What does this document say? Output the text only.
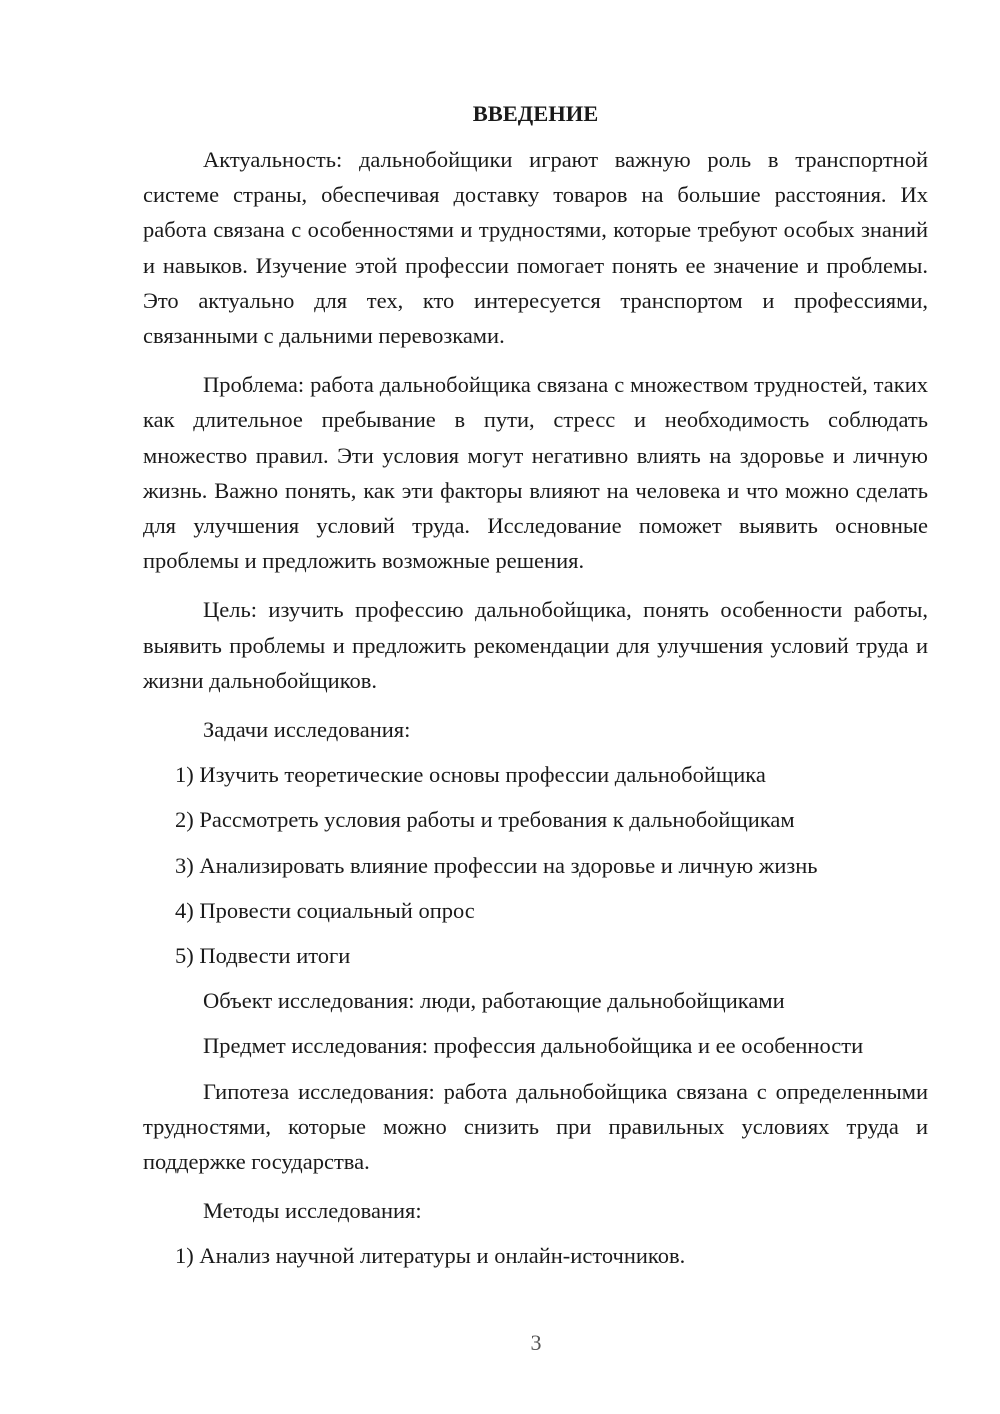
ВВЕДЕНИЕ

Актуальность: дальнобойщики играют важную роль в транспортной системе страны, обеспечивая доставку товаров на большие расстояния. Их работа связана с особенностями и трудностями, которые требуют особых знаний и навыков. Изучение этой профессии помогает понять ее значение и проблемы. Это актуально для тех, кто интересуется транспортом и профессиями, связанными с дальними перевозками.

Проблема: работа дальнобойщика связана с множеством трудностей, таких как длительное пребывание в пути, стресс и необходимость соблюдать множество правил. Эти условия могут негативно влиять на здоровье и личную жизнь. Важно понять, как эти факторы влияют на человека и что можно сделать для улучшения условий труда. Исследование поможет выявить основные проблемы и предложить возможные решения.

Цель: изучить профессию дальнобойщика, понять особенности работы, выявить проблемы и предложить рекомендации для улучшения условий труда и жизни дальнобойщиков.

Задачи исследования:
1) Изучить теоретические основы профессии дальнобойщика
2) Рассмотреть условия работы и требования к дальнобойщикам
3) Анализировать влияние профессии на здоровье и личную жизнь
4) Провести социальный опрос
5) Подвести итоги
Объект исследования: люди, работающие дальнобойщиками
Предмет исследования: профессия дальнобойщика и ее особенности

Гипотеза исследования: работа дальнобойщика связана с определенными трудностями, которые можно снизить при правильных условиях труда и поддержке государства.

Методы исследования:
1) Анализ научной литературы и онлайн-источников.
3
